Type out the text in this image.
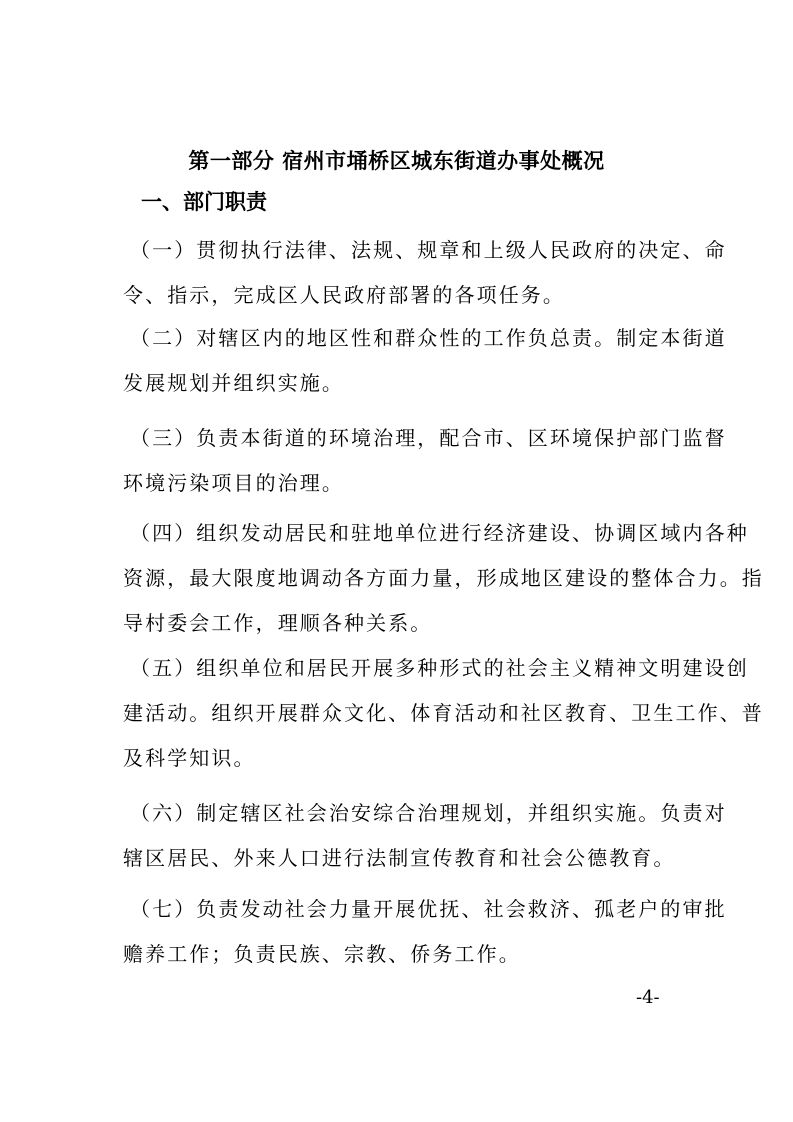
第一部分 宿州市埇桥区城东街道办事处概况
一、部门职责
（一）贯彻执行法律、法规、规章和上级人民政府的决定、命
令、指示，完成区人民政府部署的各项任务。
（二）对辖区内的地区性和群众性的工作负总责。制定本街道
发展规划并组织实施。
（三）负责本街道的环境治理，配合市、区环境保护部门监督
环境污染项目的治理。
（四）组织发动居民和驻地单位进行经济建设、协调区域内各种
资源，最大限度地调动各方面力量，形成地区建设的整体合力。指
导村委会工作，理顺各种关系。
（五）组织单位和居民开展多种形式的社会主义精神文明建设创
建活动。组织开展群众文化、体育活动和社区教育、卫生工作、普
及科学知识。
（六）制定辖区社会治安综合治理规划，并组织实施。负责对
辖区居民、外来人口进行法制宣传教育和社会公德教育。
（七）负责发动社会力量开展优抚、社会救济、孤老户的审批
赡养工作；负责民族、宗教、侨务工作。
-4-
